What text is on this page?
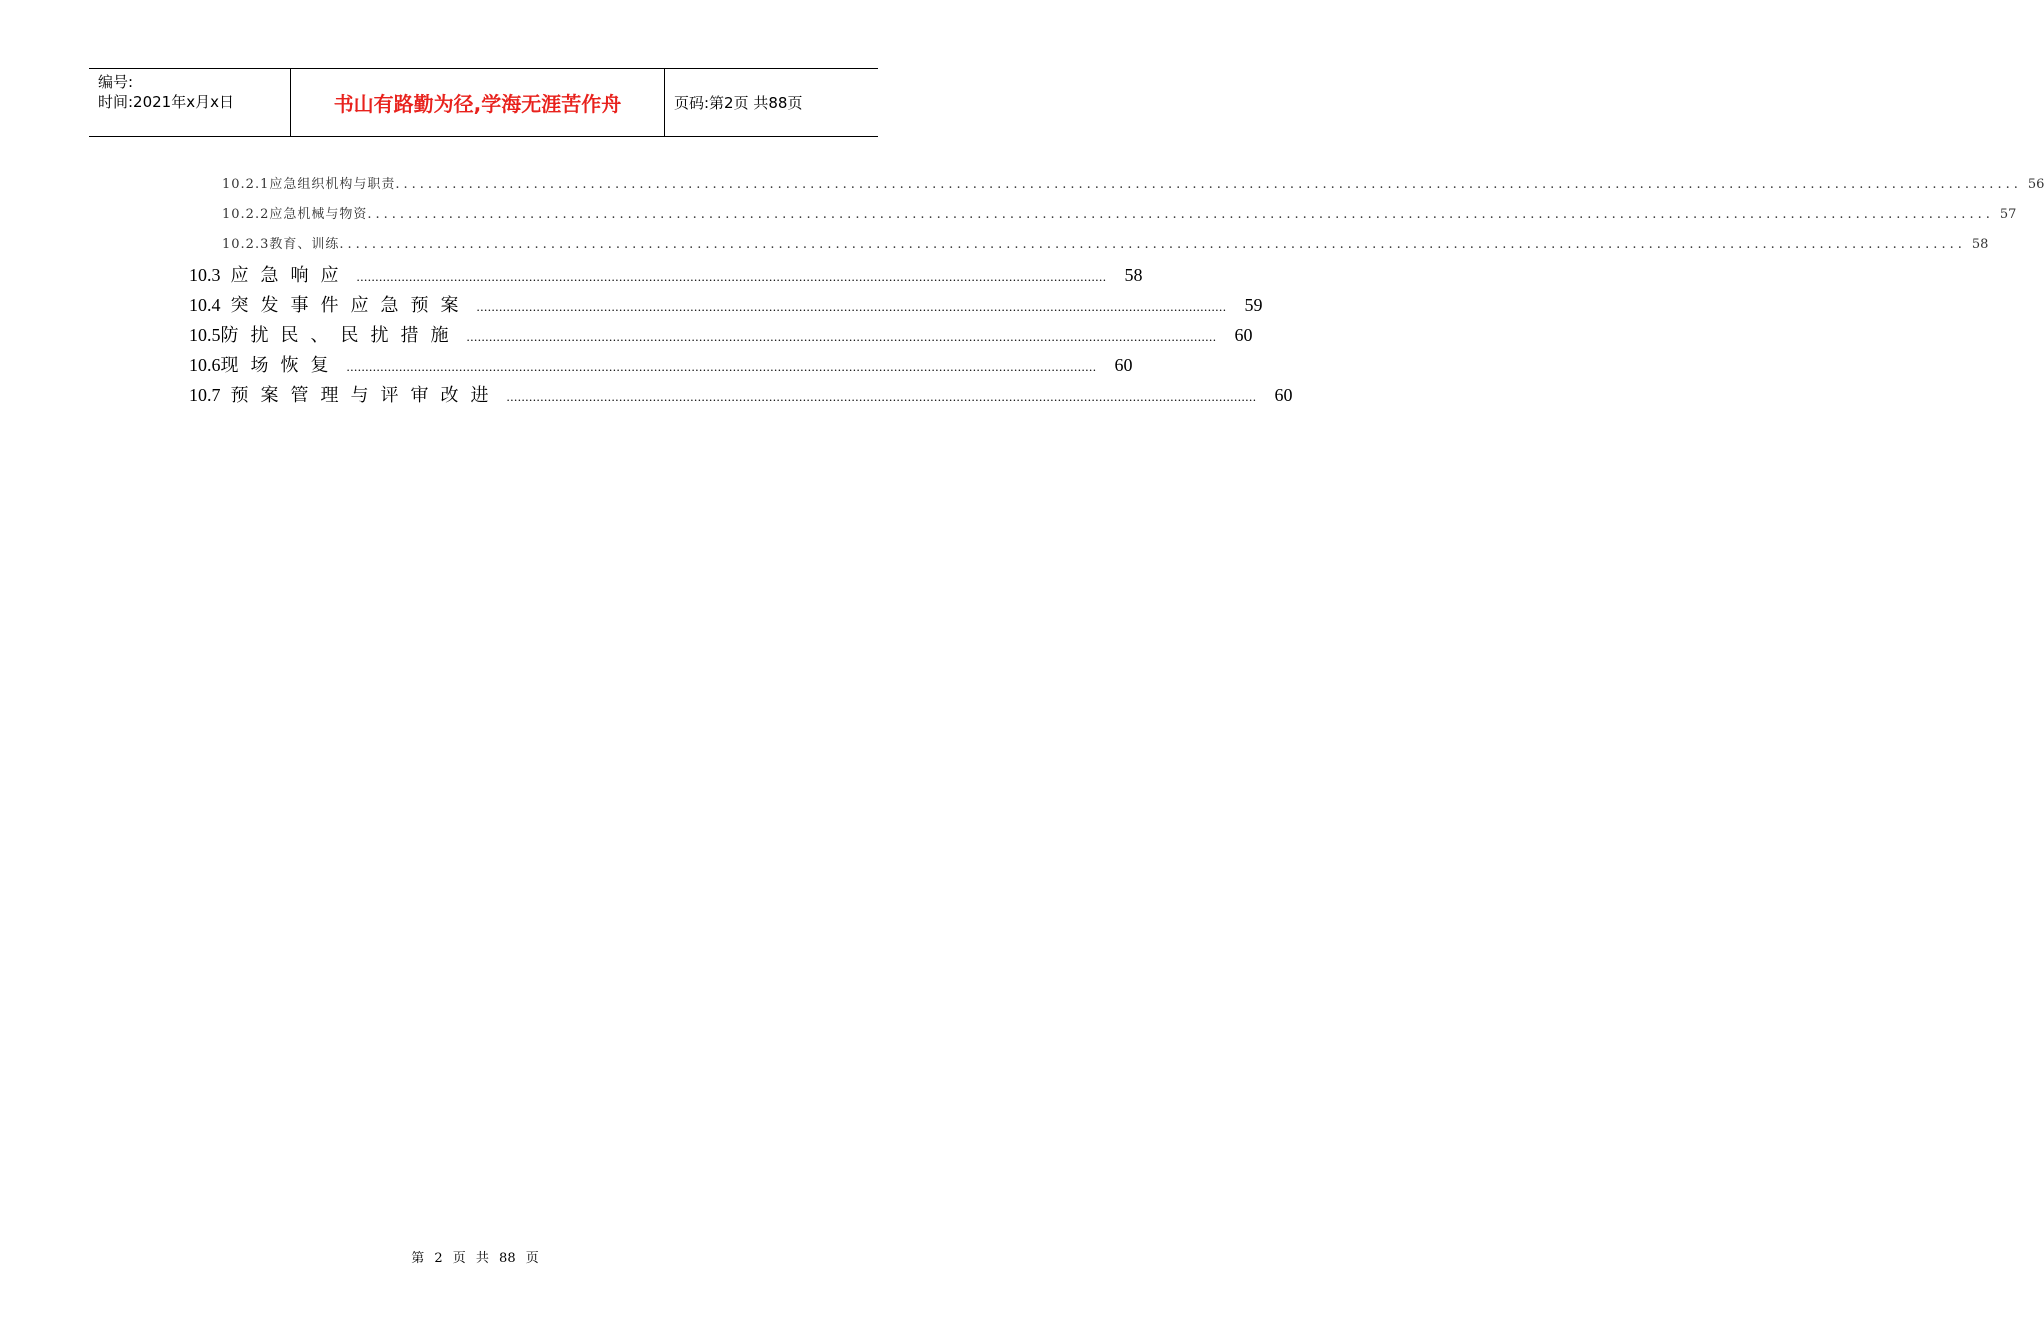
编号:
时间:2021年x月x日	书山有路勤为径,学海无涯苦作舟	页码:第2页 共88页
10.2.1 应急组织机构与职责 ........................................................................................................................................................................................................ 56
10.2.2 应急机械与物资 ........................................................................................................................................................................................................ 57
10.2.3 教育、训练 ........................................................................................................................................................................................................ 58
10.3 应急响应 ........................................................................................................................................................................................................ 58
10.4 突发事件应急预案 ........................................................................................................................................................................................................ 59
10.5 防扰民、民扰措施 ........................................................................................................................................................................................................ 60
10.6 现场恢复 ........................................................................................................................................................................................................ 60
10.7 预案管理与评审改进 ........................................................................................................................................................................................................ 60
第 2 页 共 88 页
